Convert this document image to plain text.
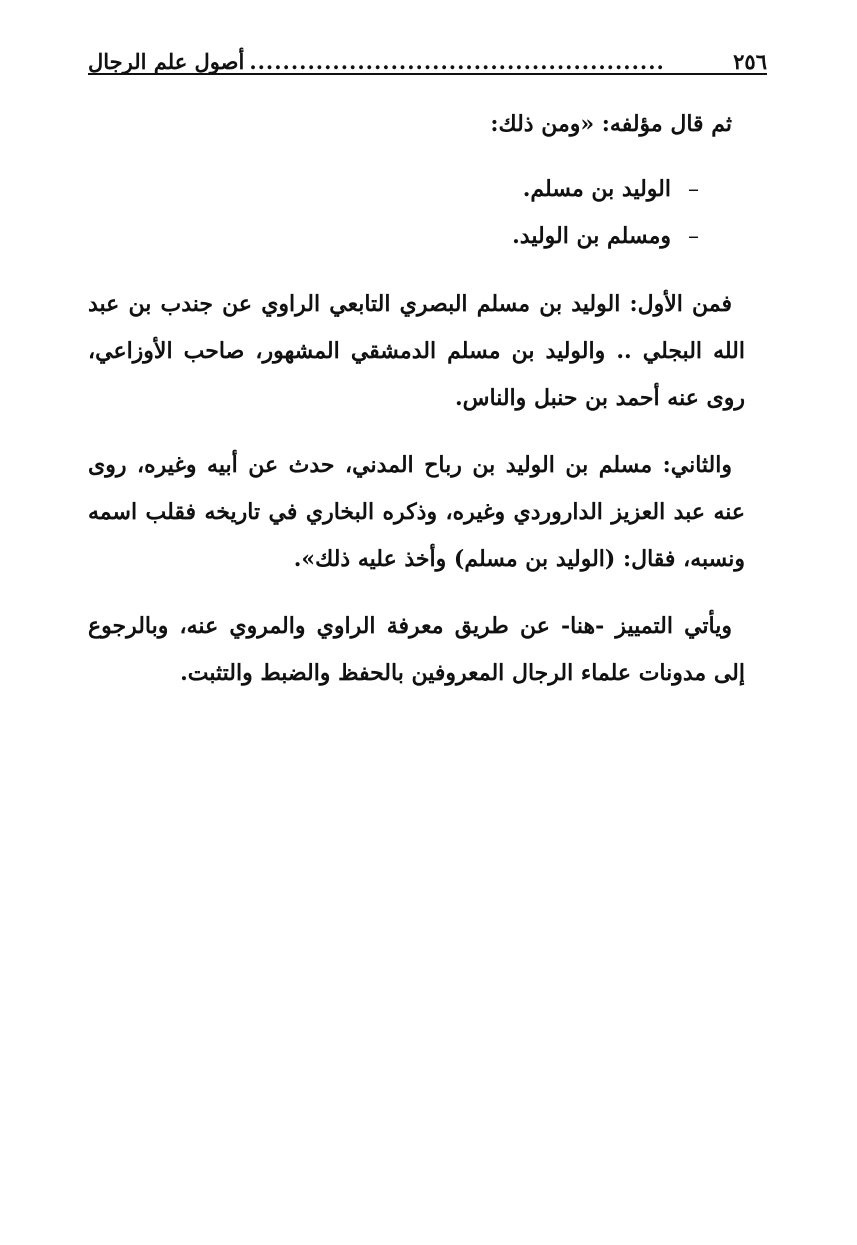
٢٥٦
..................................................
أصول علم الرجال

ثم قال مؤلفه: «ومن ذلك:

–
الوليد بن مسلم.
–
ومسلم بن الوليد.

فمن الأول: الوليد بن مسلم البصري التابعي الراوي عن جندب بن عبد الله البجلي .. والوليد بن مسلم الدمشقي المشهور، صاحب الأوزاعي، روى عنه أحمد بن حنبل والناس.

والثاني: مسلم بن الوليد بن رباح المدني، حدث عن أبيه وغيره، روى عنه عبد العزيز الداروردي وغيره، وذكره البخاري في تاريخه فقلب اسمه ونسبه، فقال: (الوليد بن مسلم) وأخذ عليه ذلك».

ويأتي التمييز -هنا- عن طريق معرفة الراوي والمروي عنه، وبالرجوع إلى مدونات علماء الرجال المعروفين بالحفظ والضبط والتثبت.
